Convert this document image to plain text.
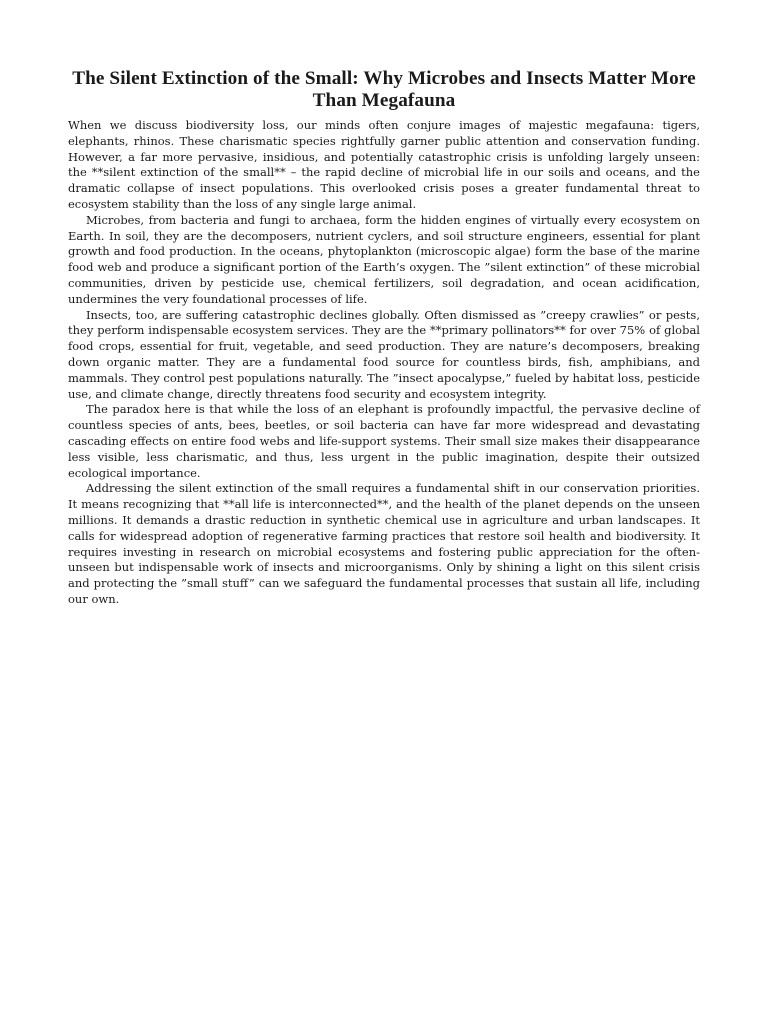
The Silent Extinction of the Small: Why Microbes and Insects Matter More Than Megafauna

When we discuss biodiversity loss, our minds often conjure images of majestic megafauna: tigers, elephants, rhinos. These charismatic species rightfully garner public attention and conservation funding. However, a far more pervasive, insidious, and potentially catastrophic crisis is unfolding largely unseen: the **silent extinction of the small** – the rapid decline of microbial life in our soils and oceans, and the dramatic collapse of insect populations. This overlooked crisis poses a greater fundamental threat to ecosystem stability than the loss of any single large animal.

Microbes, from bacteria and fungi to archaea, form the hidden engines of virtually every ecosystem on Earth. In soil, they are the decomposers, nutrient cyclers, and soil structure engineers, essential for plant growth and food production. In the oceans, phytoplankton (microscopic algae) form the base of the marine food web and produce a significant portion of the Earth’s oxygen. The ”silent extinction” of these microbial communities, driven by pesticide use, chemical fertilizers, soil degradation, and ocean acidification, undermines the very foundational processes of life.

Insects, too, are suffering catastrophic declines globally. Often dismissed as ”creepy crawlies” or pests, they perform indispensable ecosystem services. They are the **primary pollinators** for over 75% of global food crops, essential for fruit, vegetable, and seed production. They are nature’s decomposers, breaking down organic matter. They are a fundamental food source for countless birds, fish, amphibians, and mammals. They control pest populations naturally. The ”insect apocalypse,” fueled by habitat loss, pesticide use, and climate change, directly threatens food security and ecosystem integrity.

The paradox here is that while the loss of an elephant is profoundly impactful, the pervasive decline of countless species of ants, bees, beetles, or soil bacteria can have far more widespread and devastating cascading effects on entire food webs and life-support systems. Their small size makes their disappearance less visible, less charismatic, and thus, less urgent in the public imagination, despite their outsized ecological importance.

Addressing the silent extinction of the small requires a fundamental shift in our conservation priorities. It means recognizing that **all life is interconnected**, and the health of the planet depends on the unseen millions. It demands a drastic reduction in synthetic chemical use in agriculture and urban landscapes. It calls for widespread adoption of regenerative farming practices that restore soil health and biodiversity. It requires investing in research on microbial ecosystems and fostering public appreciation for the often-unseen but indispensable work of insects and microorganisms. Only by shining a light on this silent crisis and protecting the ”small stuff” can we safeguard the fundamental processes that sustain all life, including our own.
